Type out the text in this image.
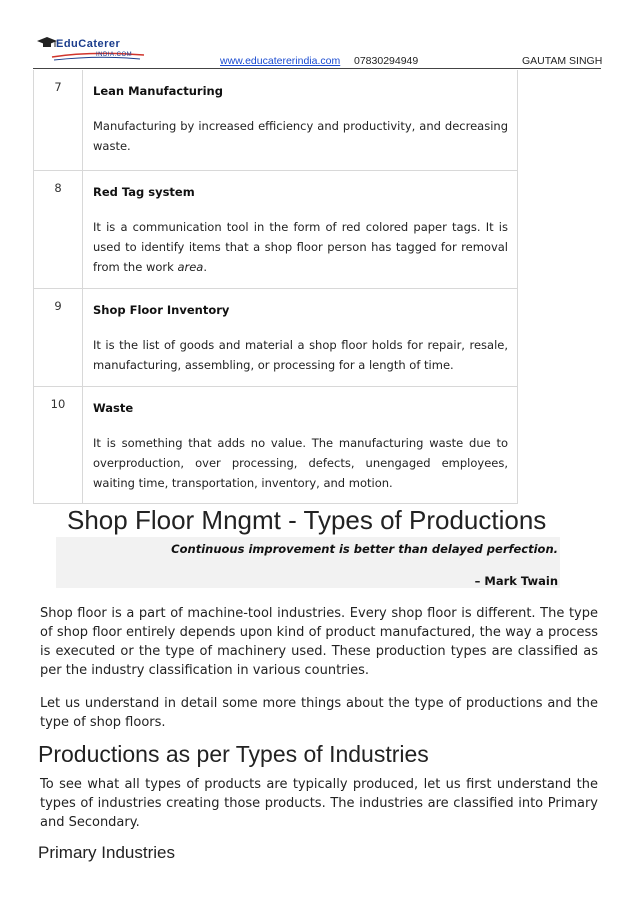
EduCaterer
INDIA.COM	www.educatererindia.com 07830294949	GAUTAM SINGH
7	Lean Manufacturing

Manufacturing by increased efficiency and productivity, and decreasing waste.

8	Red Tag system

It is a communication tool in the form of red colored paper tags. It is used to identify items that a shop floor person has tagged for removal from the work area.

9	Shop Floor Inventory

It is the list of goods and material a shop floor holds for repair, resale, manufacturing, assembling, or processing for a length of time.

10	Waste

It is something that adds no value. The manufacturing waste due to overproduction, over processing, defects, unengaged employees, waiting time, transportation, inventory, and motion.

Shop Floor Mngmt - Types of Productions
Continuous improvement is better than delayed perfection.
– Mark Twain

Shop floor is a part of machine-tool industries. Every shop floor is different. The type of shop floor entirely depends upon kind of product manufactured, the way a process is executed or the type of machinery used. These production types are classified as per the industry classification in various countries.

Let us understand in detail some more things about the type of productions and the type of shop floors.

Productions as per Types of Industries

To see what all types of products are typically produced, let us first understand the types of industries creating those products. The industries are classified into Primary and Secondary.

Primary Industries
